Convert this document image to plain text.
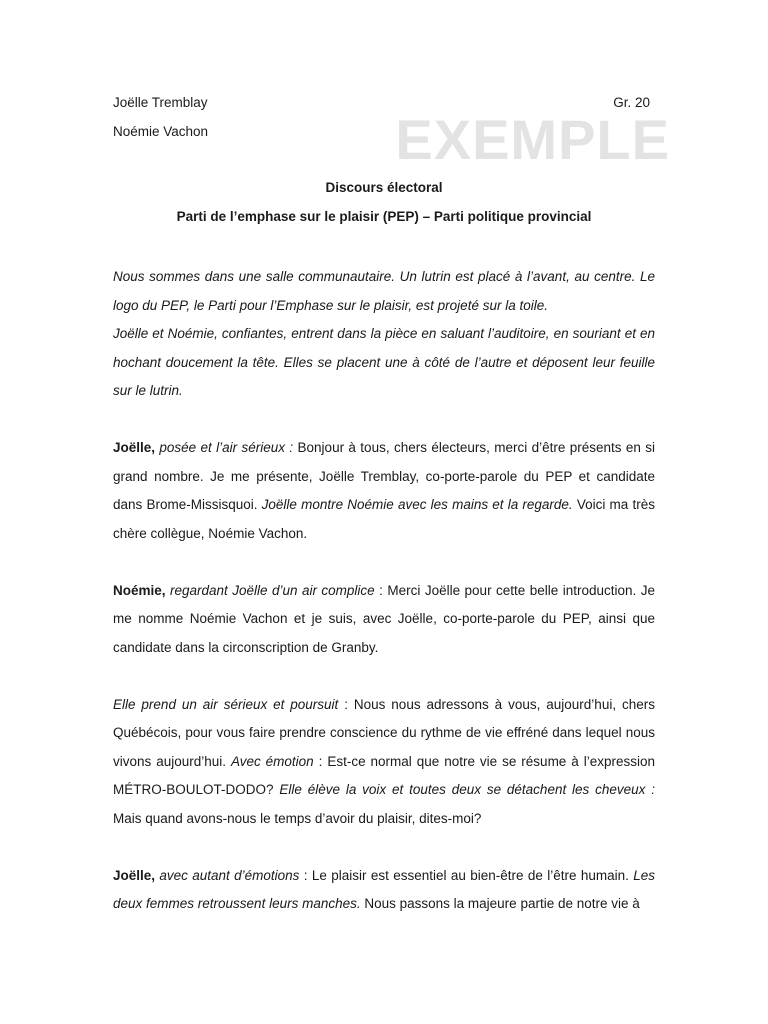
Joëlle Tremblay
Noémie Vachon
Gr. 20
EXEMPLE
Discours électoral
Parti de l’emphase sur le plaisir (PEP) – Parti politique provincial

Nous sommes dans une salle communautaire. Un lutrin est placé à l’avant, au centre. Le logo du PEP, le Parti pour l’Emphase sur le plaisir, est projeté sur la toile.

Joëlle et Noémie, confiantes, entrent dans la pièce en saluant l’auditoire, en souriant et en hochant doucement la tête. Elles se placent une à côté de l’autre et déposent leur feuille sur le lutrin.

Joëlle, posée et l’air sérieux : Bonjour à tous, chers électeurs, merci d’être présents en si grand nombre. Je me présente, Joëlle Tremblay, co-porte-parole du PEP et candidate dans Brome-Missisquoi. Joëlle montre Noémie avec les mains et la regarde. Voici ma très chère collègue, Noémie Vachon.

Noémie, regardant Joëlle d’un air complice : Merci Joëlle pour cette belle introduction. Je me nomme Noémie Vachon et je suis, avec Joëlle, co-porte-parole du PEP, ainsi que candidate dans la circonscription de Granby.

Elle prend un air sérieux et poursuit : Nous nous adressons à vous, aujourd’hui, chers Québécois, pour vous faire prendre conscience du rythme de vie effréné dans lequel nous vivons aujourd’hui. Avec émotion : Est-ce normal que notre vie se résume à l’expression MÉTRO-BOULOT-DODO? Elle élève la voix et toutes deux se détachent les cheveux : Mais quand avons-nous le temps d’avoir du plaisir, dites-moi?

Joëlle, avec autant d’émotions : Le plaisir est essentiel au bien-être de l’être humain. Les deux femmes retroussent leurs manches. Nous passons la majeure partie de notre vie à
